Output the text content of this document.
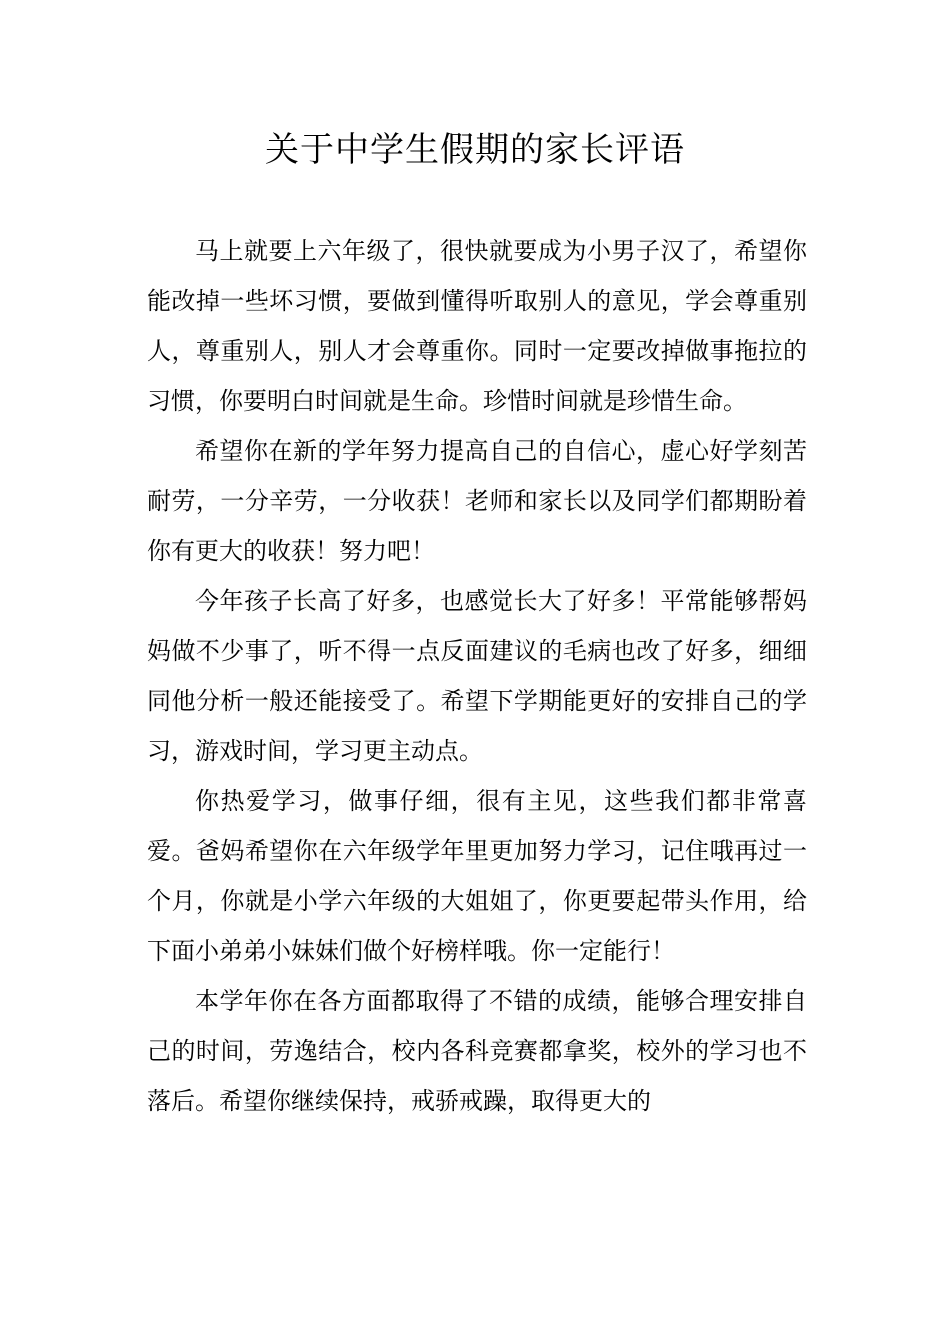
关于中学生假期的家长评语

马上就要上六年级了，很快就要成为小男子汉了，希望你能改掉一些坏习惯，要做到懂得听取别人的意见，学会尊重别人，尊重别人，别人才会尊重你。同时一定要改掉做事拖拉的习惯，你要明白时间就是生命。珍惜时间就是珍惜生命。

希望你在新的学年努力提高自己的自信心，虚心好学刻苦耐劳，一分辛劳，一分收获！老师和家长以及同学们都期盼着你有更大的收获！努力吧！

今年孩子长高了好多，也感觉长大了好多！平常能够帮妈妈做不少事了，听不得一点反面建议的毛病也改了好多，细细同他分析一般还能接受了。希望下学期能更好的安排自己的学习，游戏时间，学习更主动点。

你热爱学习，做事仔细，很有主见，这些我们都非常喜爱。爸妈希望你在六年级学年里更加努力学习，记住哦再过一个月，你就是小学六年级的大姐姐了，你更要起带头作用，给下面小弟弟小妹妹们做个好榜样哦。你一定能行！

本学年你在各方面都取得了不错的成绩，能够合理安排自己的时间，劳逸结合，校内各科竞赛都拿奖，校外的学习也不落后。希望你继续保持，戒骄戒躁，取得更大的
